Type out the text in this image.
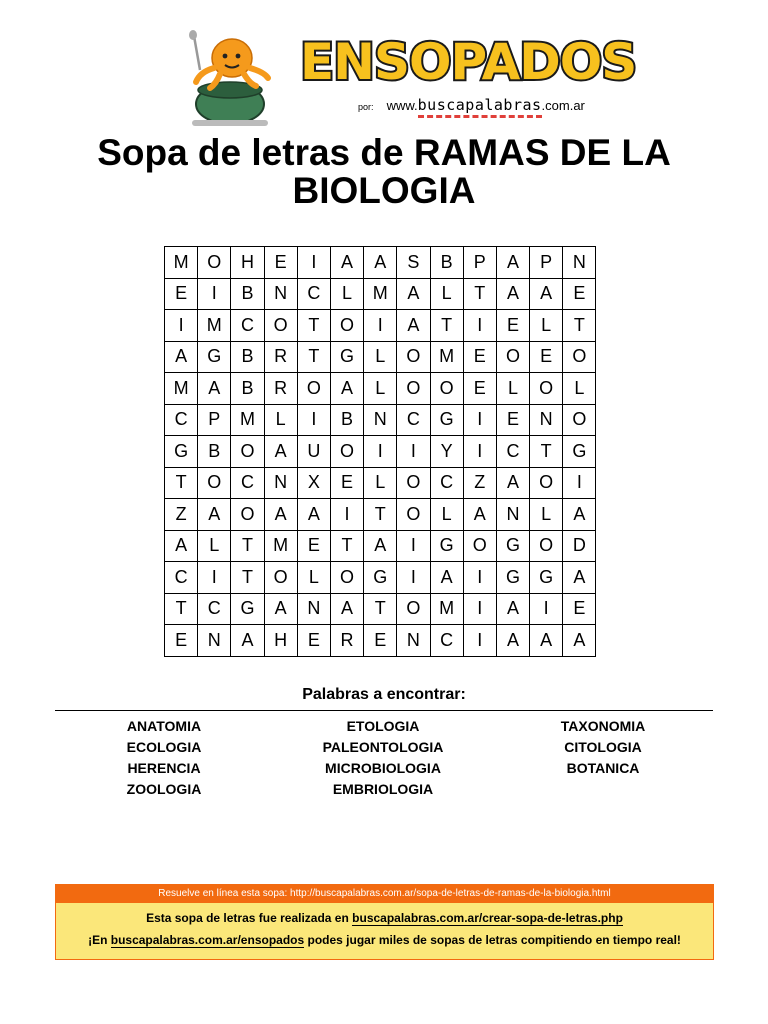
ENSOPADOS
por: www.buscapalabras.com.ar
Sopa de letras de RAMAS DE LA
BIOLOGIA
M	O	H	E	I	A	A	S	B	P	A	P	N
E	I	B	N	C	L	M	A	L	T	A	A	E
I	M	C	O	T	O	I	A	T	I	E	L	T
A	G	B	R	T	G	L	O	M	E	O	E	O
M	A	B	R	O	A	L	O	O	E	L	O	L
C	P	M	L	I	B	N	C	G	I	E	N	O
G	B	O	A	U	O	I	I	Y	I	C	T	G
T	O	C	N	X	E	L	O	C	Z	A	O	I
Z	A	O	A	A	I	T	O	L	A	N	L	A
A	L	T	M	E	T	A	I	G	O	G	O	D
C	I	T	O	L	O	G	I	A	I	G	G	A
T	C	G	A	N	A	T	O	M	I	A	I	E
E	N	A	H	E	R	E	N	C	I	A	A	A
Palabras a encontrar:
ANATOMIA
ECOLOGIA
HERENCIA
ZOOLOGIA
ETOLOGIA
PALEONTOLOGIA
MICROBIOLOGIA
EMBRIOLOGIA
TAXONOMIA
CITOLOGIA
BOTANICA
Resuelve en línea esta sopa: http://buscapalabras.com.ar/sopa-de-letras-de-ramas-de-la-biologia.html
Esta sopa de letras fue realizada en buscapalabras.com.ar/crear-sopa-de-letras.php
¡En buscapalabras.com.ar/ensopados podes jugar miles de sopas de letras compitiendo en tiempo real!
